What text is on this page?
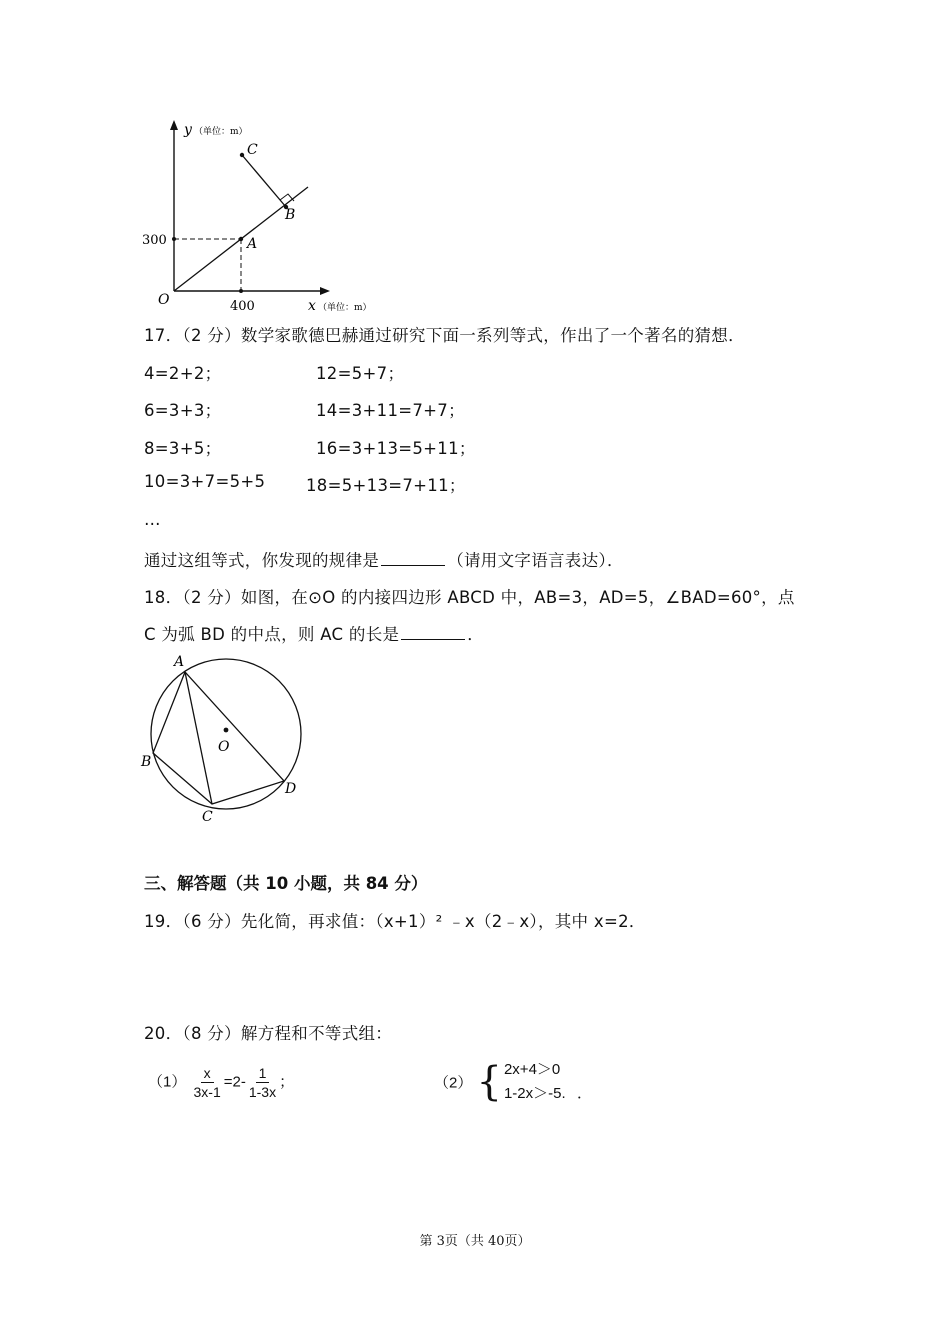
y （单位：m）
x （单位：m）
O
300
400
A
B
C
17．（2 分）数学家歌德巴赫通过研究下面一系列等式，作出了一个著名的猜想．
4=2+2；
6=3+3；
8=3+5；
10=3+7=5+5
12=5+7；
14=3+11=7+7；
16=3+13=5+11；
18=5+13=7+11；
…
通过这组等式，你发现的规律是	（请用文字语言表达）．
18．（2 分）如图，在⊙O 的内接四边形 ABCD 中，AB=3，AD=5，∠BAD=60°，点
C 为弧 BD 的中点，则 AC 的长是	．
A
B
C
D
O
三、解答题（共 10 小题，共 84 分）
19．（6 分）先化简，再求值：（x+1）² ﹣x（2﹣x），其中 x=2．
20．（8 分）解方程和不等式组：
$(1) \frac{x}{3x-1} =2- \frac{1}{1-3x}$ ；	（2） { 2x+4＞0
1-2x＞-5. ．
第 3页（共 40页）
